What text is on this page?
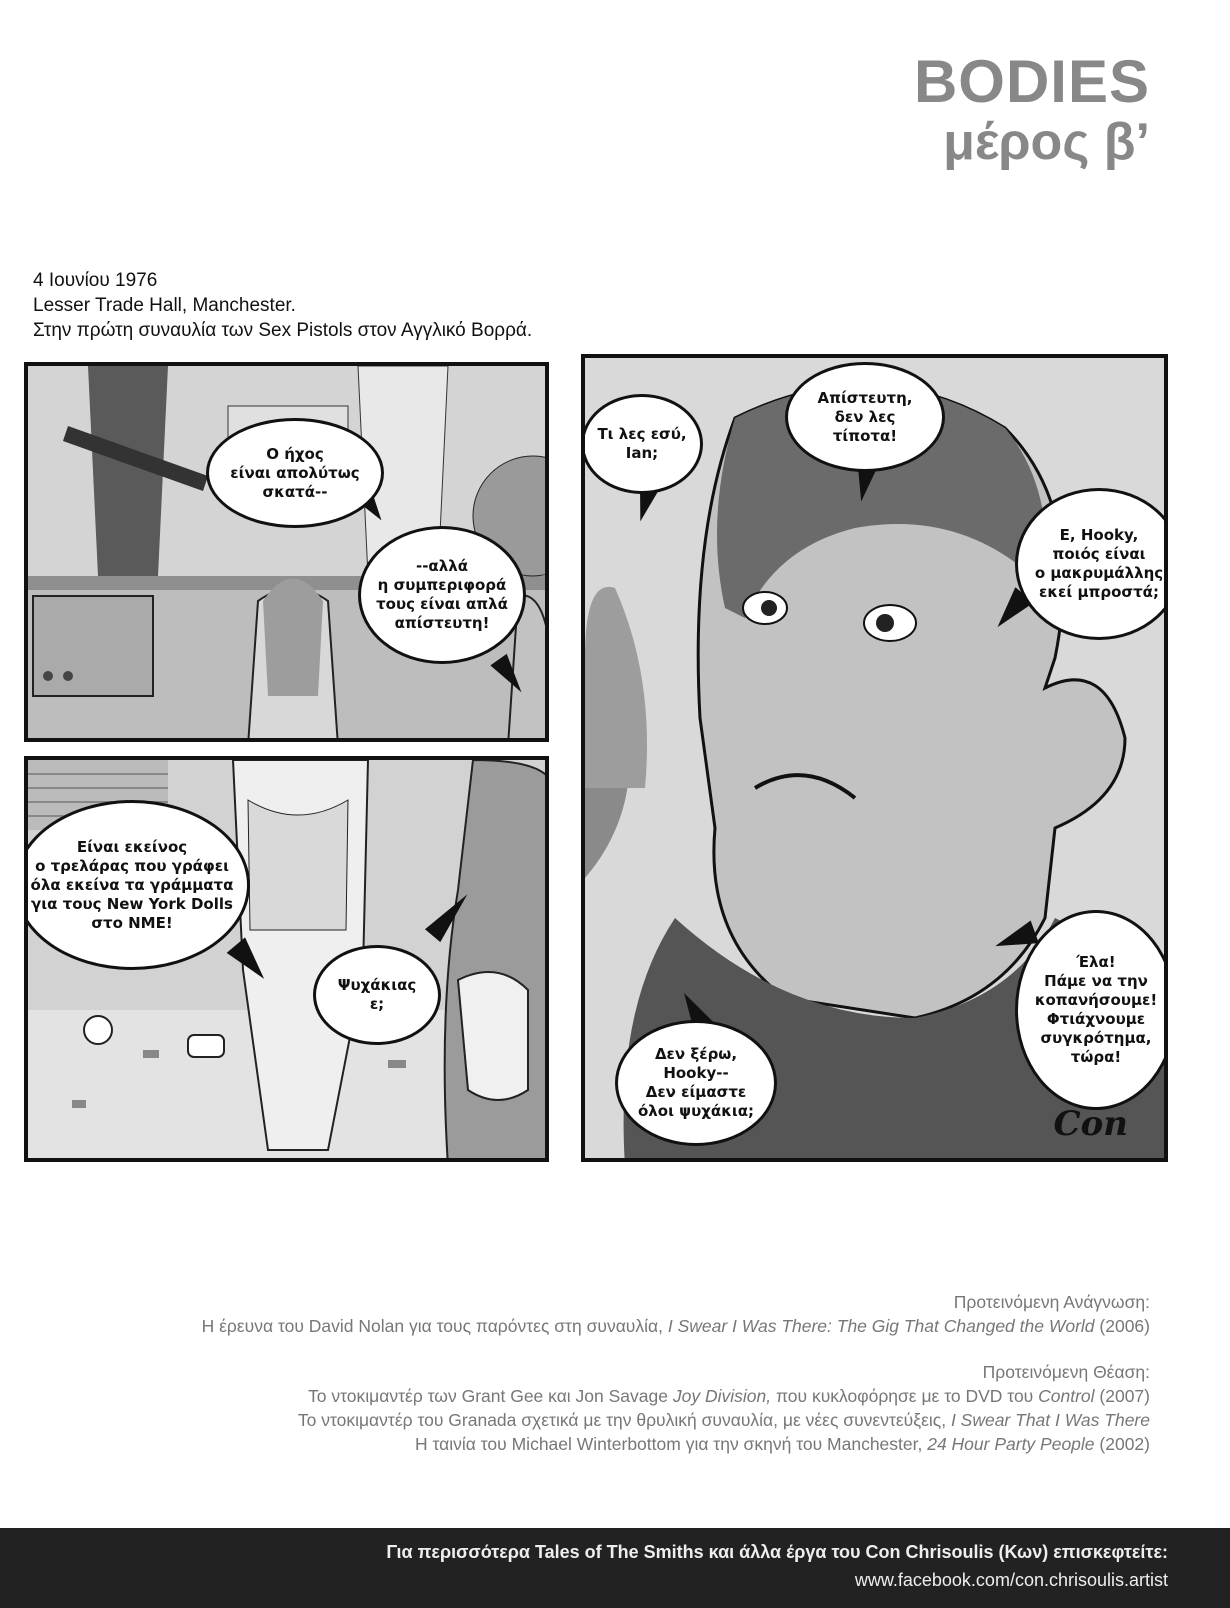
BODIES
μέρος β’
4 Ιουνίου 1976
Lesser Trade Hall, Manchester.
Στην πρώτη συναυλία των Sex Pistols στον Αγγλικό Βορρά.
Ο ήχος
είναι απολύτως
σκατά--
--αλλά
η συμπεριφορά
τους είναι απλά
απίστευτη!
Τι λες εσύ,
Ian;
Απίστευτη,
δεν λες
τίποτα!
Ε, Hooky,
ποιός είναι
ο μακρυμάλλης
εκεί μπροστά;
Έλα!
Πάμε να την
κοπανήσουμε!
Φτιάχνουμε
συγκρότημα,
τώρα!
Δεν ξέρω,
Hooky--
Δεν είμαστε
όλοι ψυχάκια;	Con
Είναι εκείνος
ο τρελάρας που γράφει
όλα εκείνα τα γράμματα
για τους New York Dolls
στο NME!
Ψυχάκιας
ε;
Προτεινόμενη Ανάγνωση:
Η έρευνα του David Nolan για τους παρόντες στη συναυλία, I Swear I Was There: The Gig That Changed the World (2006)
Προτεινόμενη Θέαση:
Το ντοκιμαντέρ των Grant Gee και Jon Savage Joy Division, που κυκλοφόρησε με το DVD του Control (2007)
Το ντοκιμαντέρ του Granada σχετικά με την θρυλική συναυλία, με νέες συνεντεύξεις, I Swear That I Was There
Η ταινία του Michael Winterbottom για την σκηνή του Manchester, 24 Hour Party People (2002)
Για περισσότερα Tales of The Smiths και άλλα έργα του Con Chrisoulis (Κων) επισκεφτείτε:
www.facebook.com/con.chrisoulis.artist
